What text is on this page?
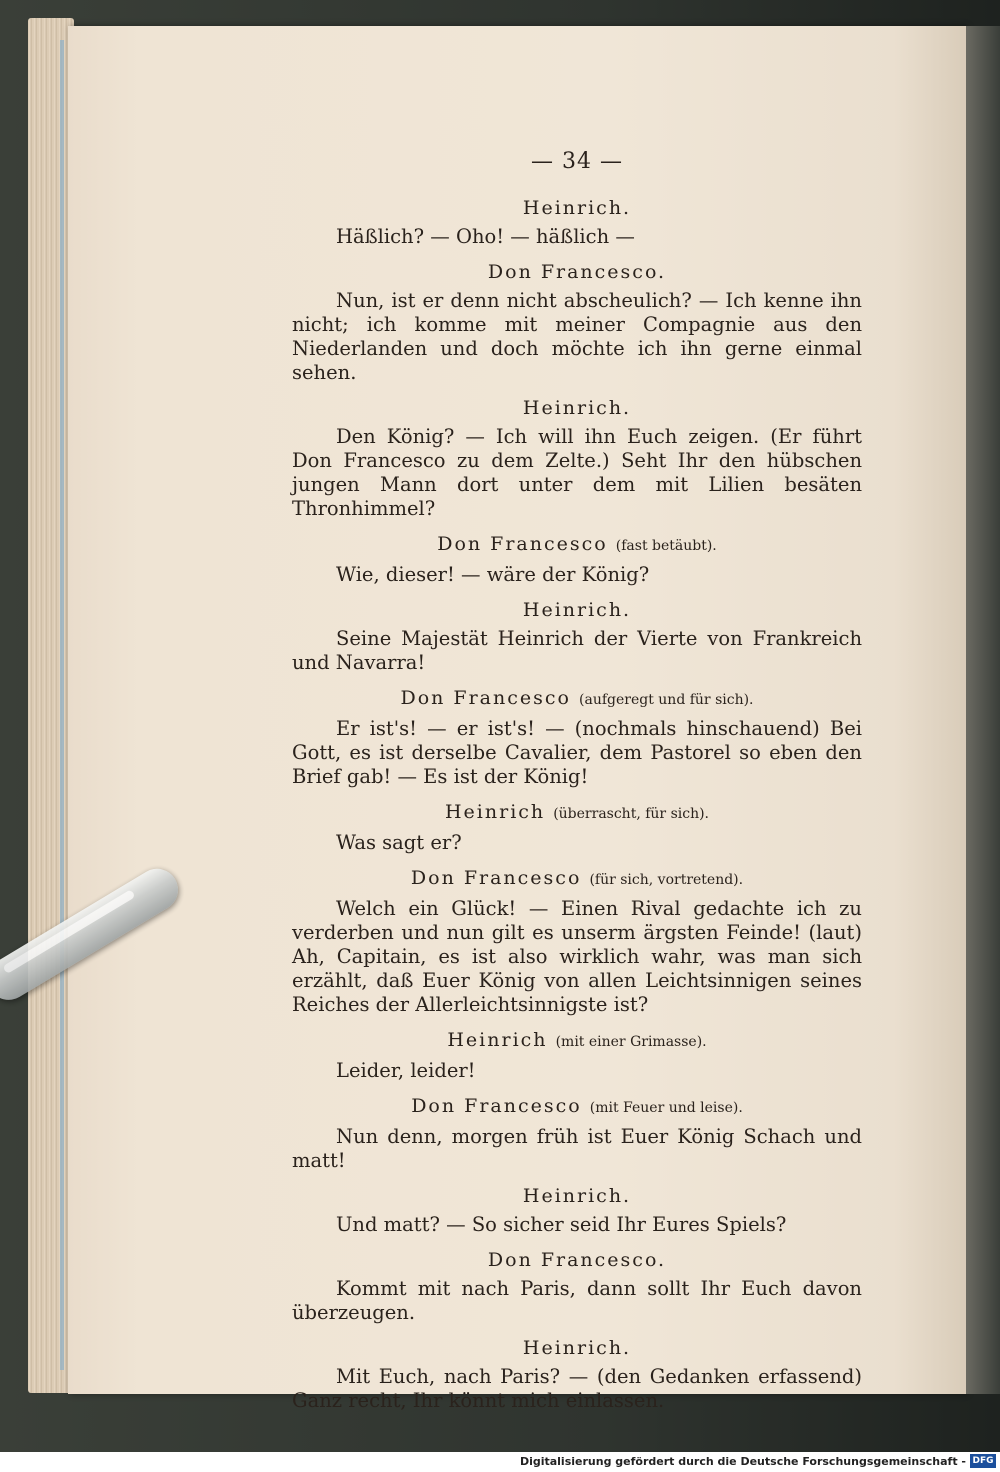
— 34 —
Heinrich.
Häßlich? — Oho! — häßlich —
Don Francesco.
Nun, ist er denn nicht abscheulich? — Ich kenne ihn nicht; ich komme mit meiner Compagnie aus den Niederlanden und doch möchte ich ihn gerne einmal sehen.
Heinrich.
Den König? — Ich will ihn Euch zeigen. (Er führt Don Francesco zu dem Zelte.) Seht Ihr den hübschen jungen Mann dort unter dem mit Lilien besäten Thronhimmel?
Don Francesco (fast betäubt).
Wie, dieser! — wäre der König?
Heinrich.
Seine Majestät Heinrich der Vierte von Frankreich und Navarra!
Don Francesco (aufgeregt und für sich).
Er ist's! — er ist's! — (nochmals hinschauend) Bei Gott, es ist derselbe Cavalier, dem Pastorel so eben den Brief gab! — Es ist der König!
Heinrich (überrascht, für sich).
Was sagt er?
Don Francesco (für sich, vortretend).
Welch ein Glück! — Einen Rival gedachte ich zu verderben und nun gilt es unserm ärgsten Feinde! (laut) Ah, Capitain, es ist also wirklich wahr, was man sich erzählt, daß Euer König von allen Leichtsinnigen seines Reiches der Allerleichtsinnigste ist?
Heinrich (mit einer Grimasse).
Leider, leider!
Don Francesco (mit Feuer und leise).
Nun denn, morgen früh ist Euer König Schach und matt!
Heinrich.
Und matt? — So sicher seid Ihr Eures Spiels?
Don Francesco.
Kommt mit nach Paris, dann sollt Ihr Euch davon überzeugen.
Heinrich.
Mit Euch, nach Paris? — (den Gedanken erfassend) Ganz recht, Ihr könnt mich einlassen.
Digitalisierung gefördert durch die Deutsche Forschungsgemeinschaft - DFG
